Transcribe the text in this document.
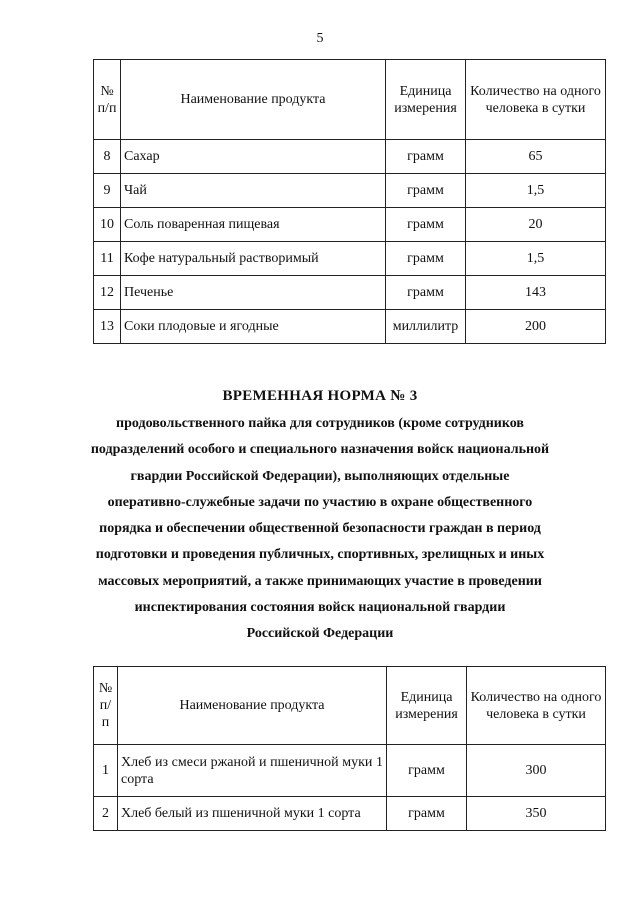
5
№ п/п	Наименование продукта	Единица измерения	Количество на одного человека в сутки
8	Сахар	грамм	65
9	Чай	грамм	1,5
10	Соль поваренная пищевая	грамм	20
11	Кофе натуральный растворимый	грамм	1,5
12	Печенье	грамм	143
13	Соки плодовые и ягодные	миллилитр	200
ВРЕМЕННАЯ НОРМА № 3
продовольственного пайка для сотрудников (кроме сотрудников
подразделений особого и специального назначения войск национальной
гвардии Российской Федерации), выполняющих отдельные
оперативно-служебные задачи по участию в охране общественного
порядка и обеспечении общественной безопасности граждан в период
подготовки и проведения публичных, спортивных, зрелищных и иных
массовых мероприятий, а также принимающих участие в проведении
инспектирования состояния войск национальной гвардии
Российской Федерации
№ п/п	Наименование продукта	Единица измерения	Количество на одного человека в сутки
1	Хлеб из смеси ржаной и пшеничной муки 1 сорта	грамм	300
2	Хлеб белый из пшеничной муки 1 сорта	грамм	350
